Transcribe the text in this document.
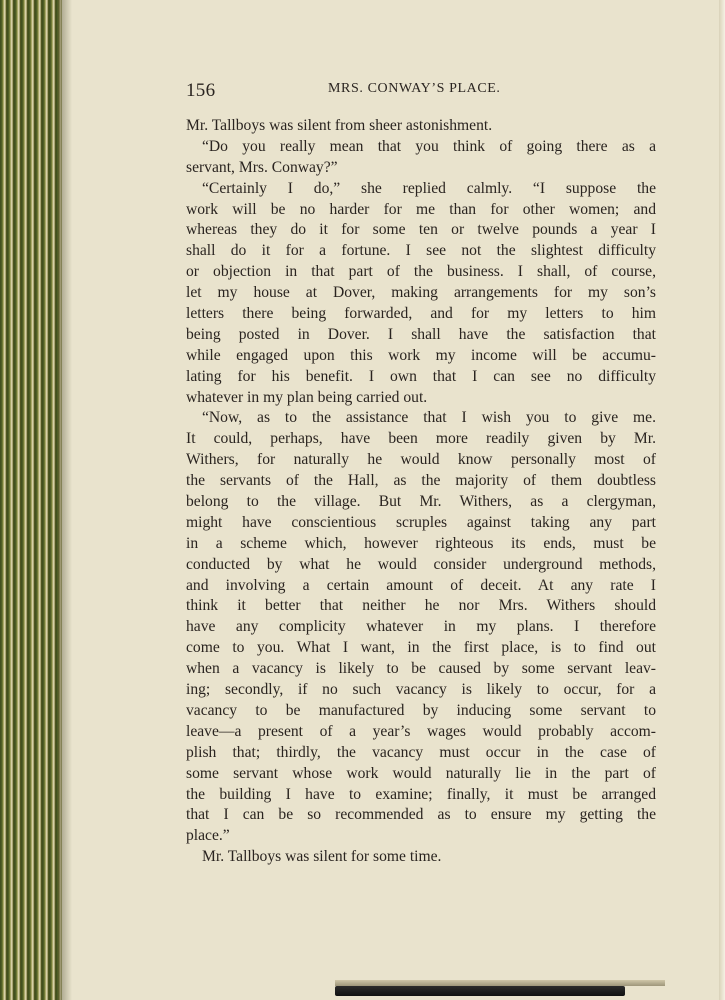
156	MRS. CONWAY’S PLACE.
Mr. Tallboys was silent from sheer astonishment.
“Do you really mean that you think of going there as a
servant, Mrs. Conway?”
“Certainly I do,” she replied calmly. “I suppose the
work will be no harder for me than for other women; and
whereas they do it for some ten or twelve pounds a year I
shall do it for a fortune. I see not the slightest difficulty
or objection in that part of the business. I shall, of course,
let my house at Dover, making arrangements for my son’s
letters there being forwarded, and for my letters to him
being posted in Dover. I shall have the satisfaction that
while engaged upon this work my income will be accumu-
lating for his benefit. I own that I can see no difficulty
whatever in my plan being carried out.
“Now, as to the assistance that I wish you to give me.
It could, perhaps, have been more readily given by Mr.
Withers, for naturally he would know personally most of
the servants of the Hall, as the majority of them doubtless
belong to the village. But Mr. Withers, as a clergyman,
might have conscientious scruples against taking any part
in a scheme which, however righteous its ends, must be
conducted by what he would consider underground methods,
and involving a certain amount of deceit. At any rate I
think it better that neither he nor Mrs. Withers should
have any complicity whatever in my plans. I therefore
come to you. What I want, in the first place, is to find out
when a vacancy is likely to be caused by some servant leav-
ing; secondly, if no such vacancy is likely to occur, for a
vacancy to be manufactured by inducing some servant to
leave—a present of a year’s wages would probably accom-
plish that; thirdly, the vacancy must occur in the case of
some servant whose work would naturally lie in the part of
the building I have to examine; finally, it must be arranged
that I can be so recommended as to ensure my getting the
place.”
Mr. Tallboys was silent for some time.
